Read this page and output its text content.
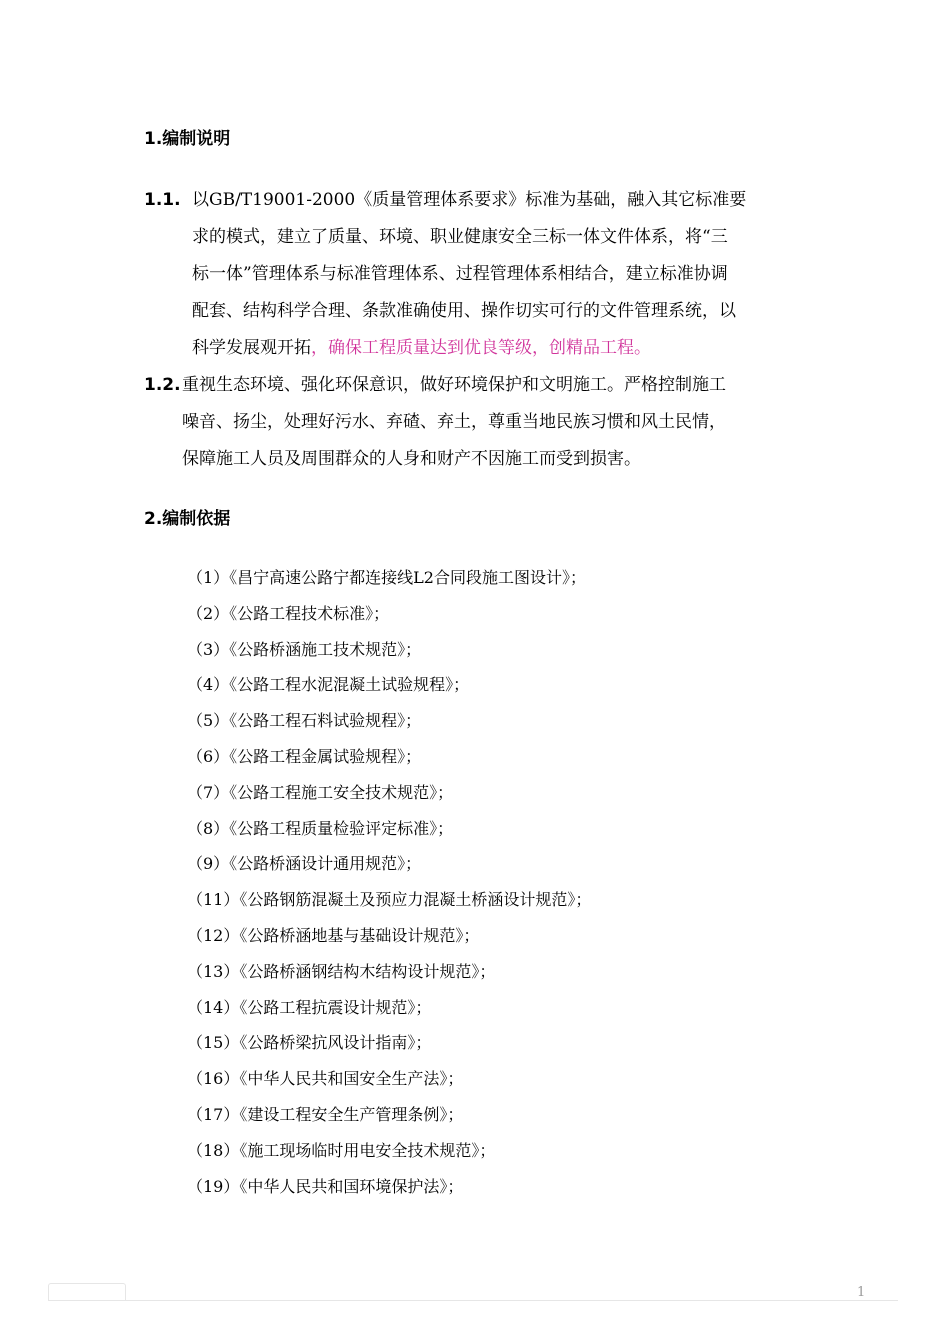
1.编制说明
1.1. 以GB/T19001-2000《质量管理体系要求》标准为基础，融入其它标准要
求的模式，建立了质量、环境、职业健康安全三标一体文件体系，将“三
标一体”管理体系与标准管理体系、过程管理体系相结合，建立标准协调
配套、结构科学合理、条款准确使用、操作切实可行的文件管理系统，以
科学发展观开拓，确保工程质量达到优良等级，创精品工程。
1.2. 重视生态环境、强化环保意识，做好环境保护和文明施工。严格控制施工
噪音、扬尘，处理好污水、弃碴、弃土，尊重当地民族习惯和风土民情，
保障施工人员及周围群众的人身和财产不因施工而受到损害。
2.编制依据
（1）《昌宁高速公路宁都连接线L2合同段施工图设计》；
（2）《公路工程技术标准》；
（3）《公路桥涵施工技术规范》；
（4）《公路工程水泥混凝土试验规程》；
（5）《公路工程石料试验规程》；
（6）《公路工程金属试验规程》；
（7）《公路工程施工安全技术规范》；
（8）《公路工程质量检验评定标准》；
（9）《公路桥涵设计通用规范》；
（11）《公路钢筋混凝土及预应力混凝土桥涵设计规范》；
（12）《公路桥涵地基与基础设计规范》；
（13）《公路桥涵钢结构木结构设计规范》；
（14）《公路工程抗震设计规范》；
（15）《公路桥梁抗风设计指南》；
（16）《中华人民共和国安全生产法》；
（17）《建设工程安全生产管理条例》；
（18）《施工现场临时用电安全技术规范》；
（19）《中华人民共和国环境保护法》；
1
